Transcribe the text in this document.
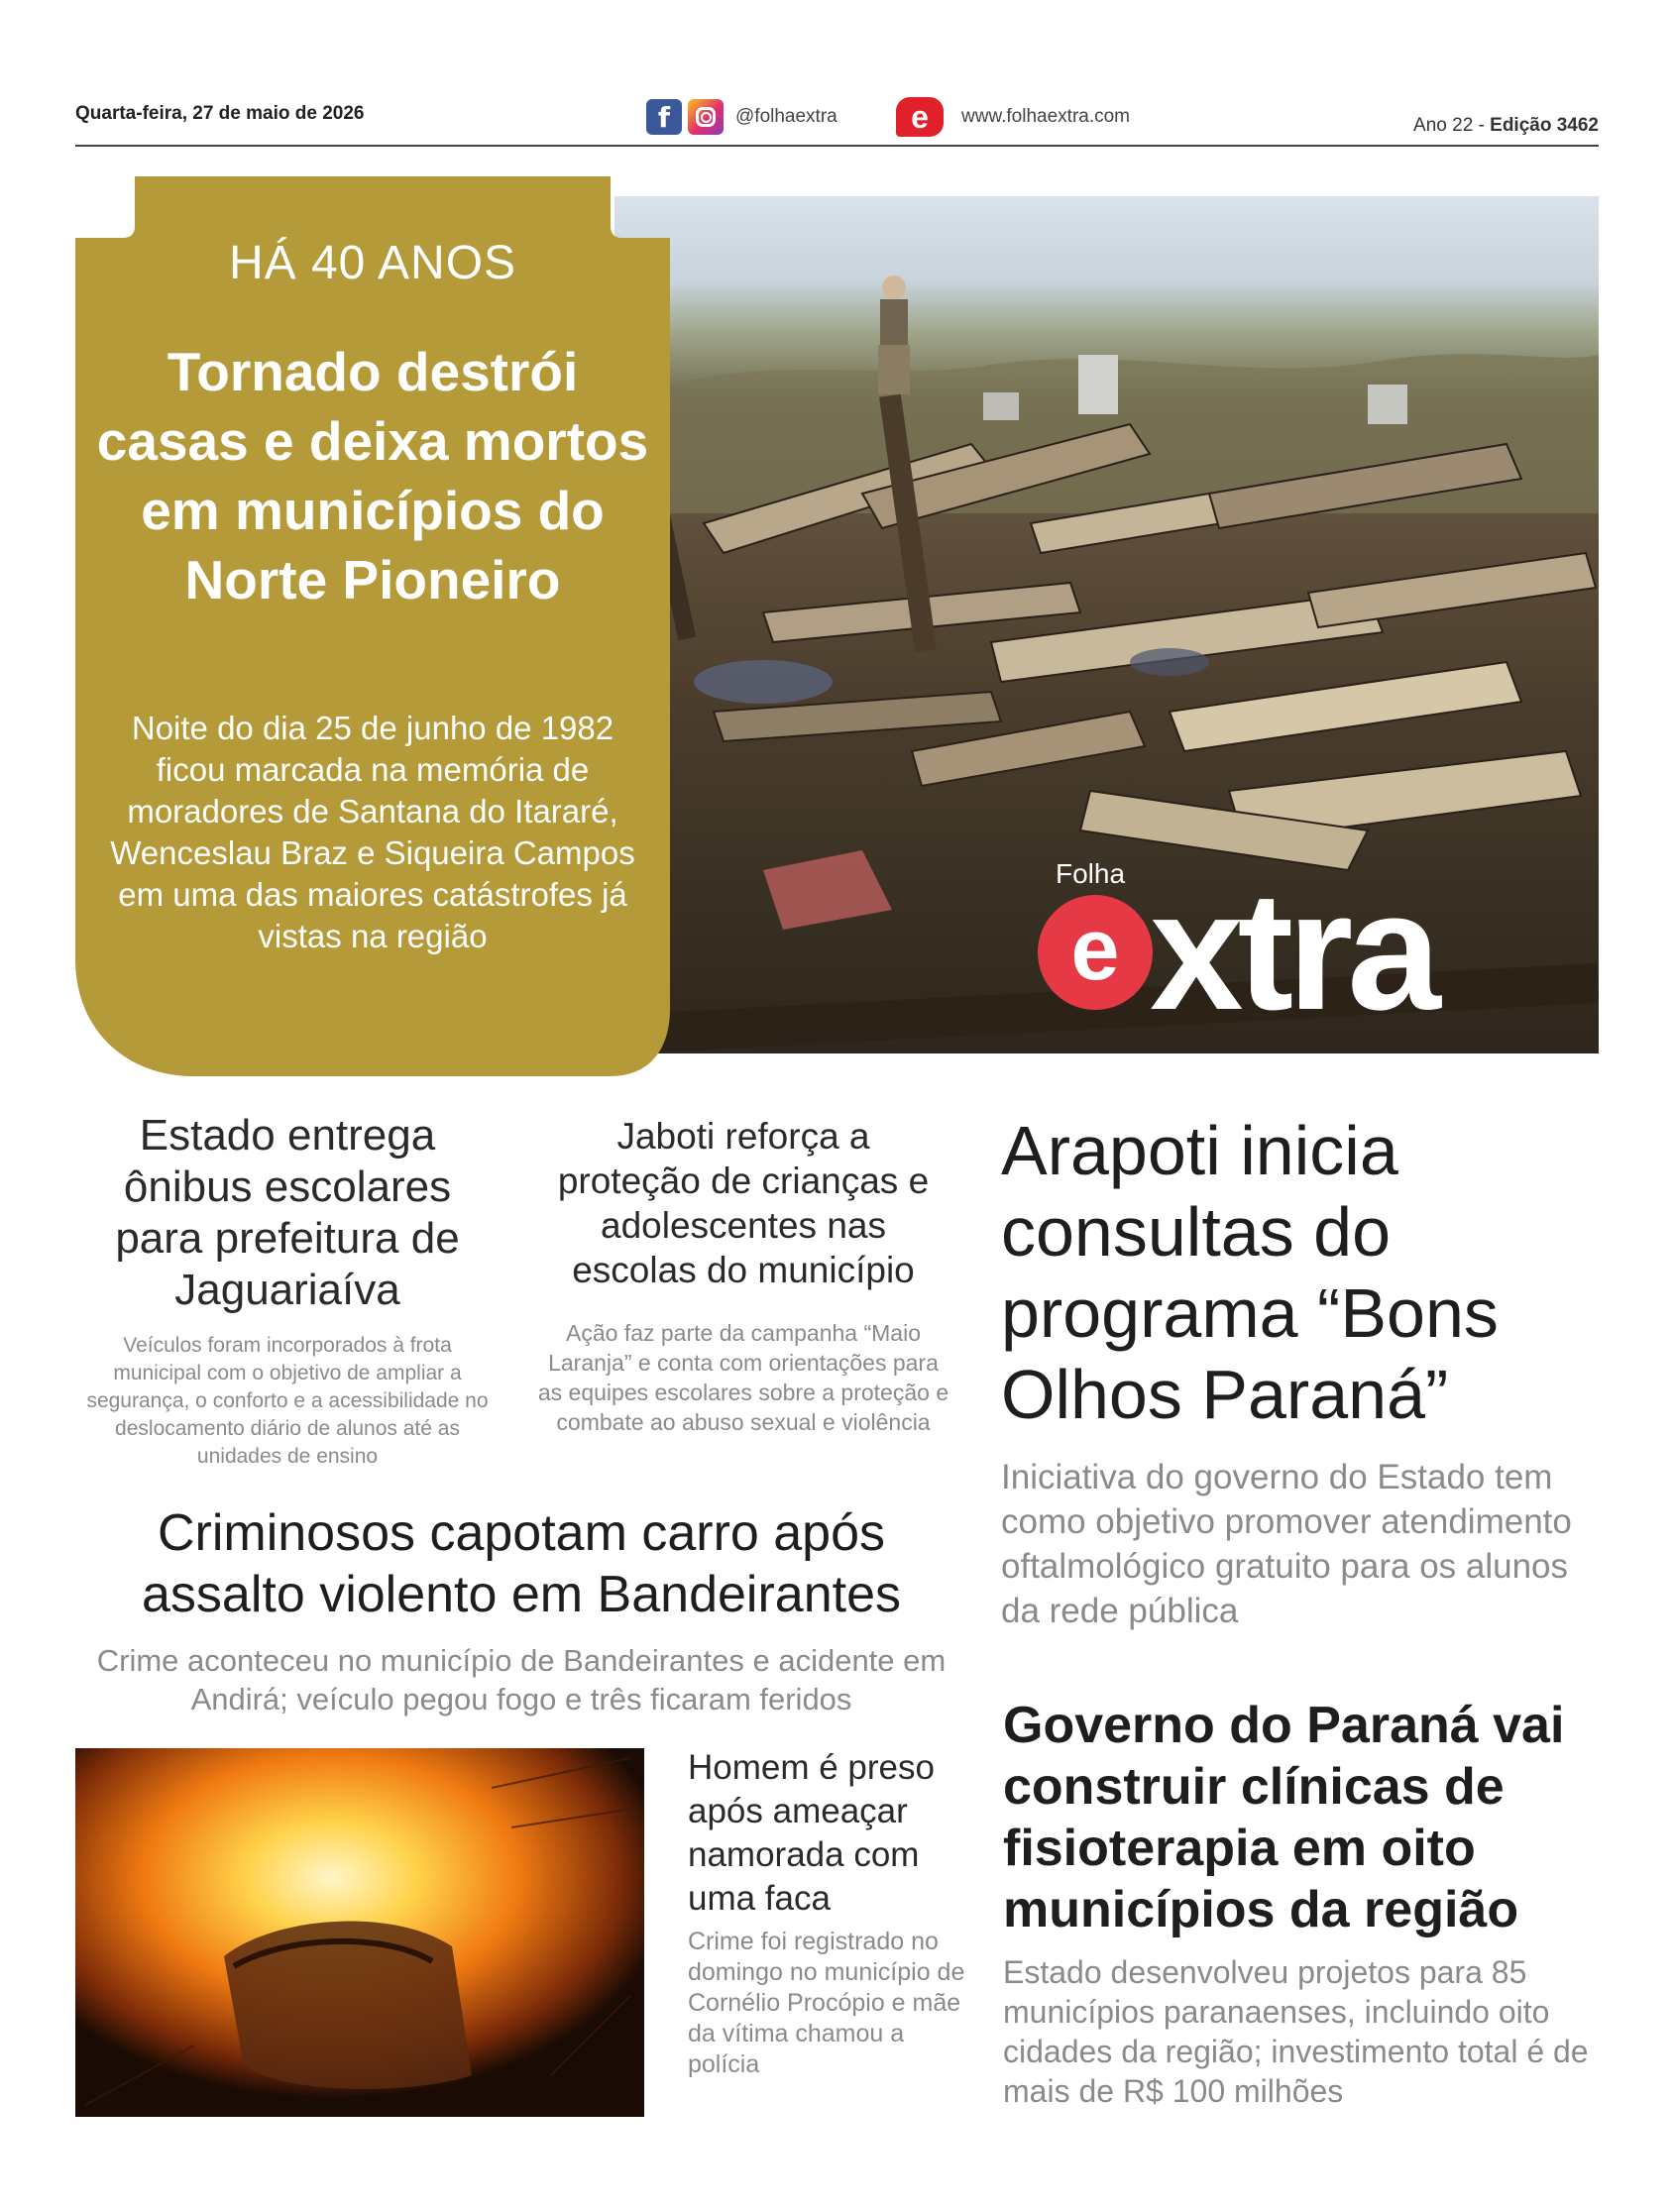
Quarta-feira, 27 de maio de 2026	f	@folhaextra e www.folhaextra.com	Ano 22 - Edição 3462
Folha
e xtra
HÁ 40 ANOS
Tornado destrói casas e deixa mortos em municípios do Norte Pioneiro
Noite do dia 25 de junho de 1982 ficou marcada na memória de moradores de Santana do Itararé, Wenceslau Braz e Siqueira Campos em uma das maiores catástrofes já vistas na região
Estado entrega ônibus escolares para prefeitura de Jaguariaíva
Veículos foram incorporados à frota municipal com o objetivo de ampliar a segurança, o conforto e a acessibilidade no deslocamento diário de alunos até as unidades de ensino
Jaboti reforça a proteção de crianças e adolescentes nas escolas do município
Ação faz parte da campanha “Maio Laranja” e conta com orientações para as equipes escolares sobre a proteção e combate ao abuso sexual e violência
Arapoti inicia consultas do programa “Bons Olhos Paraná”
Iniciativa do governo do Estado tem como objetivo promover atendimento oftalmológico gratuito para os alunos da rede pública
Criminosos capotam carro após assalto violento em Bandeirantes
Crime aconteceu no município de Bandeirantes e acidente em Andirá; veículo pegou fogo e três ficaram feridos
Homem é preso após ameaçar namorada com uma faca
Crime foi registrado no domingo no município de Cornélio Procópio e mãe da vítima chamou a polícia
Governo do Paraná vai construir clínicas de fisioterapia em oito municípios da região
Estado desenvolveu projetos para 85 municípios paranaenses, incluindo oito cidades da região; investimento total é de mais de R$ 100 milhões
